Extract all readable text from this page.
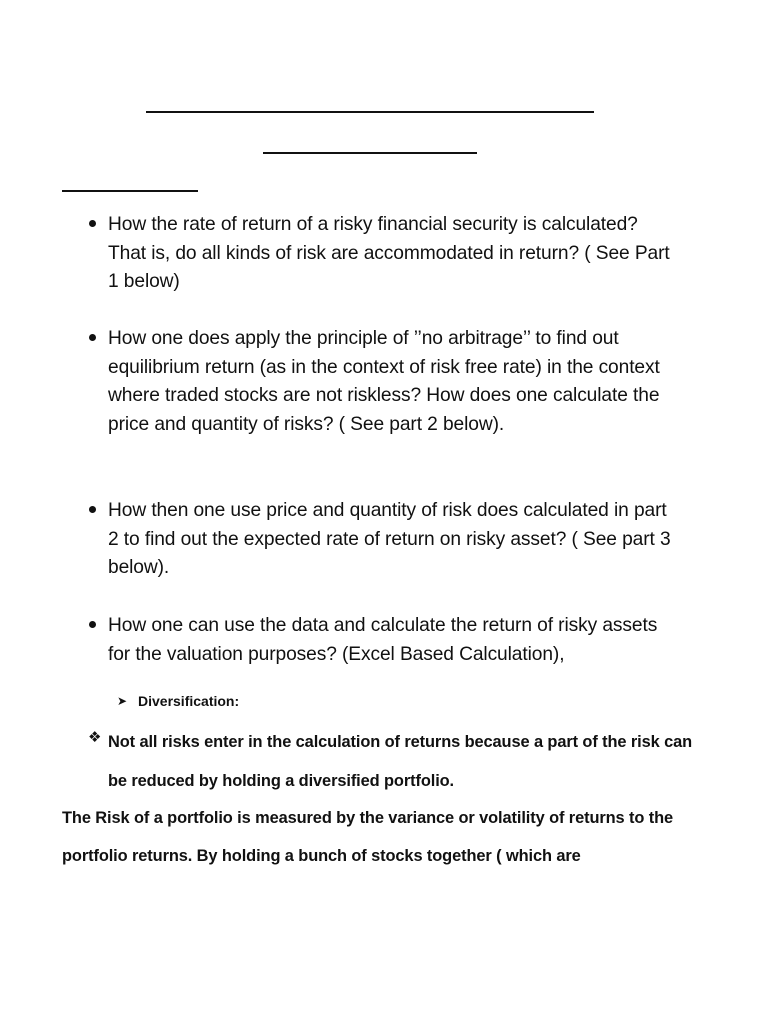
How the rate of return of a risky financial security is calculated? That is, do all kinds of risk are accommodated in return? ( See Part 1 below)
How one does apply the principle of ’’no arbitrage’’ to find out equilibrium return (as in the context of risk free rate) in the context where traded stocks are not riskless? How does one calculate the price and quantity of risks? ( See part 2 below).
How then one use price and quantity of risk does calculated in part 2 to find out the expected rate of return on risky asset? ( See part 3 below).
How one can use the data and calculate the return of risky assets for the valuation purposes? (Excel Based Calculation),
➤ Diversification:
❖ Not all risks enter in the calculation of returns because a part of the risk can be reduced by holding a diversified portfolio.
The Risk of a portfolio is measured by the variance or volatility of returns to the portfolio returns. By holding a bunch of stocks together ( which are
